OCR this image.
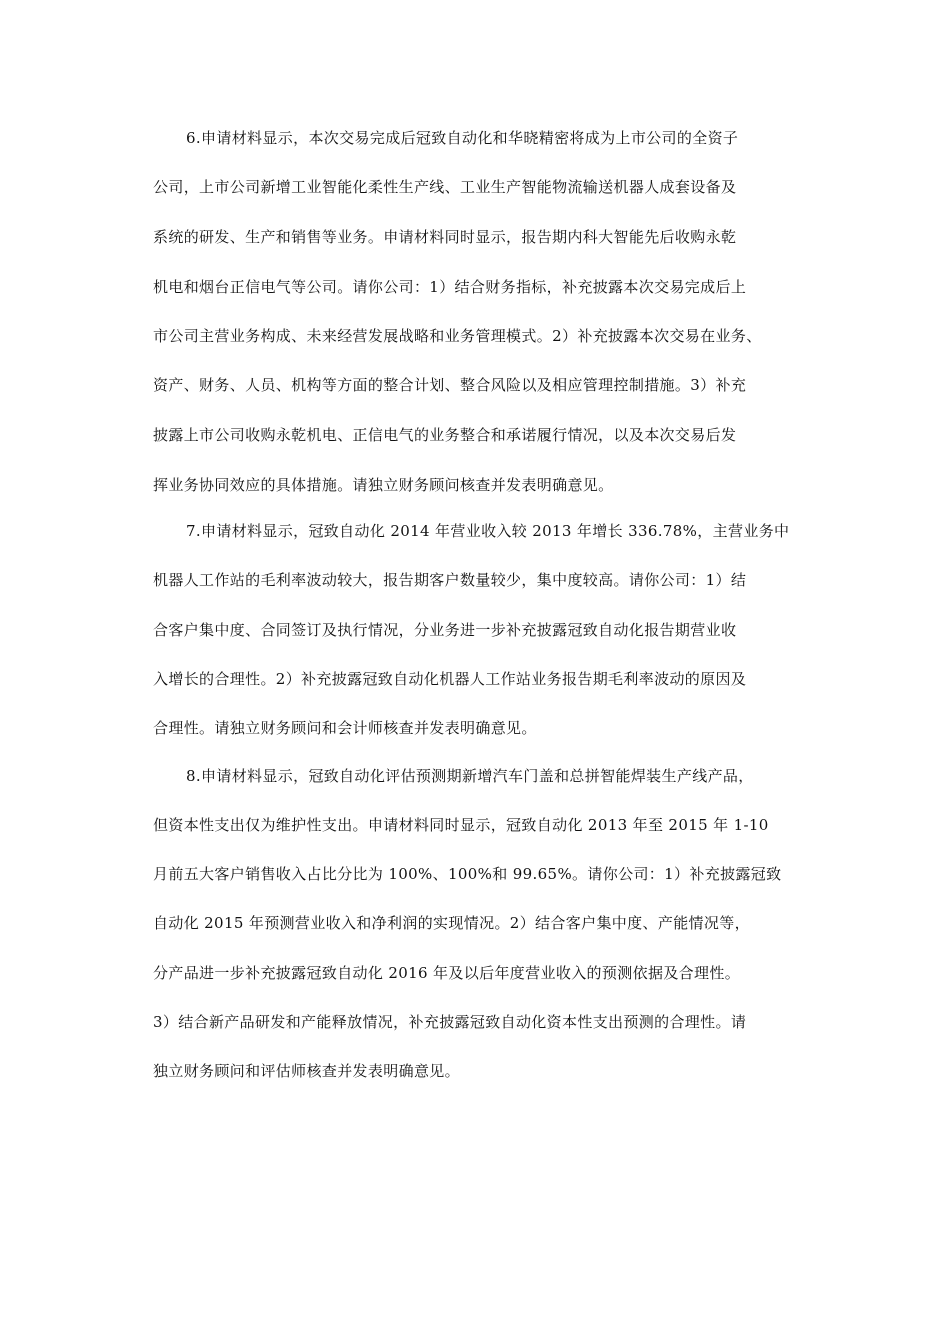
6.申请材料显示，本次交易完成后冠致自动化和华晓精密将成为上市公司的全资子
公司，上市公司新增工业智能化柔性生产线、工业生产智能物流输送机器人成套设备及
系统的研发、生产和销售等业务。申请材料同时显示，报告期内科大智能先后收购永乾
机电和烟台正信电气等公司。请你公司：1）结合财务指标，补充披露本次交易完成后上
市公司主营业务构成、未来经营发展战略和业务管理模式。2）补充披露本次交易在业务、
资产、财务、人员、机构等方面的整合计划、整合风险以及相应管理控制措施。3）补充
披露上市公司收购永乾机电、正信电气的业务整合和承诺履行情况，以及本次交易后发
挥业务协同效应的具体措施。请独立财务顾问核查并发表明确意见。
7.申请材料显示，冠致自动化 2014 年营业收入较 2013 年增长 336.78%，主营业务中
机器人工作站的毛利率波动较大，报告期客户数量较少，集中度较高。请你公司：1）结
合客户集中度、合同签订及执行情况，分业务进一步补充披露冠致自动化报告期营业收
入增长的合理性。2）补充披露冠致自动化机器人工作站业务报告期毛利率波动的原因及
合理性。请独立财务顾问和会计师核查并发表明确意见。
8.申请材料显示，冠致自动化评估预测期新增汽车门盖和总拼智能焊装生产线产品，
但资本性支出仅为维护性支出。申请材料同时显示，冠致自动化 2013 年至 2015 年 1-10
月前五大客户销售收入占比分比为 100%、100%和 99.65%。请你公司：1）补充披露冠致
自动化 2015 年预测营业收入和净利润的实现情况。2）结合客户集中度、产能情况等，
分产品进一步补充披露冠致自动化 2016 年及以后年度营业收入的预测依据及合理性。
3）结合新产品研发和产能释放情况，补充披露冠致自动化资本性支出预测的合理性。请
独立财务顾问和评估师核查并发表明确意见。
